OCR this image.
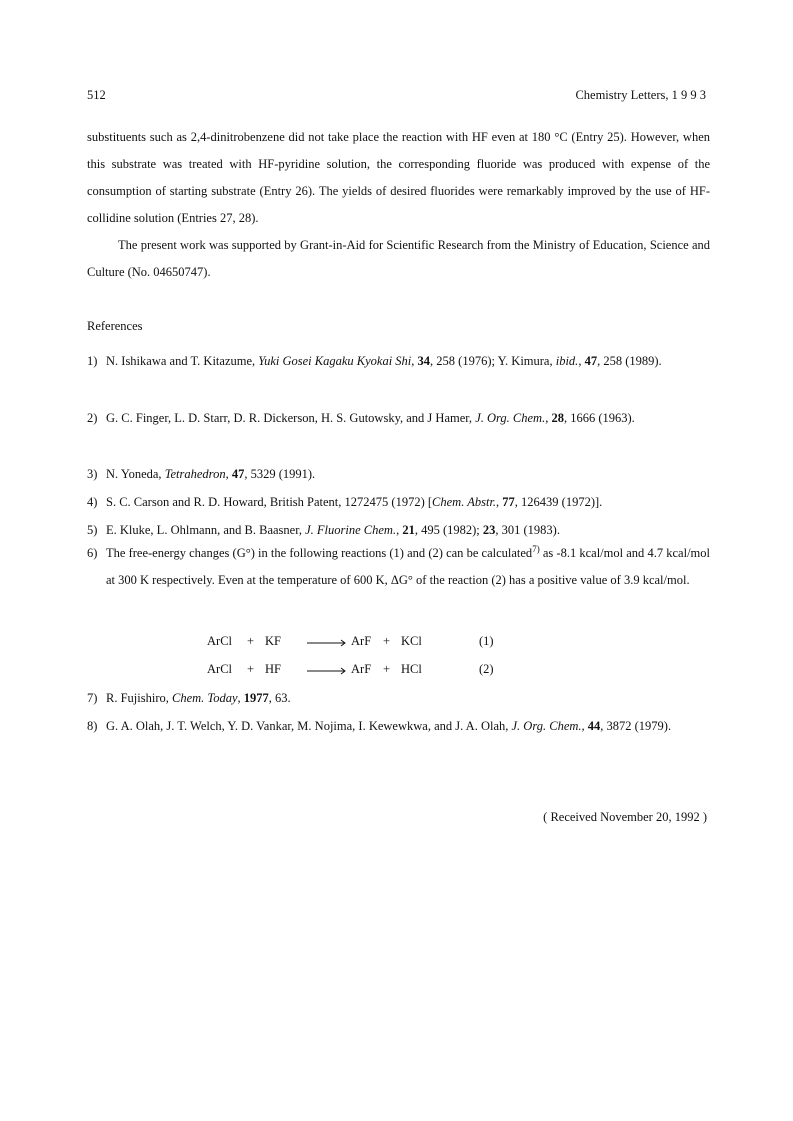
512	Chemistry Letters, 1 9 9 3

substituents such as 2,4-dinitrobenzene did not take place the reaction with HF even at 180 °C (Entry 25). However, when this substrate was treated with HF-pyridine solution, the corresponding fluoride was produced with expense of the consumption of starting substrate (Entry 26). The yields of desired fluorides were remarkably improved by the use of HF-collidine solution (Entries 27, 28).

The present work was supported by Grant-in-Aid for Scientific Research from the Ministry of Education, Science and Culture (No. 04650747).

References
1) N. Ishikawa and T. Kitazume, Yuki Gosei Kagaku Kyokai Shi, 34, 258 (1976); Y. Kimura, ibid., 47, 258 (1989).
2) G. C. Finger, L. D. Starr, D. R. Dickerson, H. S. Gutowsky, and J Hamer, J. Org. Chem., 28, 1666 (1963).
3) N. Yoneda, Tetrahedron, 47, 5329 (1991).
4) S. C. Carson and R. D. Howard, British Patent, 1272475 (1972) [Chem. Abstr., 77, 126439 (1972)].
5) E. Kluke, L. Ohlmann, and B. Baasner, J. Fluorine Chem., 21, 495 (1982); 23, 301 (1983).
6) The free-energy changes (G°) in the following reactions (1) and (2) can be calculated$^{7)}$ as -8.1 kcal/mol and 4.7 kcal/mol at 300 K respectively. Even at the temperature of 600 K, ΔG° of the reaction (2) has a positive value of 3.9 kcal/mol.
ArCl + KF → ArF + KCl	(1)
ArCl + HF → ArF + HCl	(2)
7) R. Fujishiro, Chem. Today, 1977, 63.
8) G. A. Olah, J. T. Welch, Y. D. Vankar, M. Nojima, I. Kewewkwa, and J. A. Olah, J. Org. Chem., 44, 3872 (1979).
( Received November 20, 1992 )
